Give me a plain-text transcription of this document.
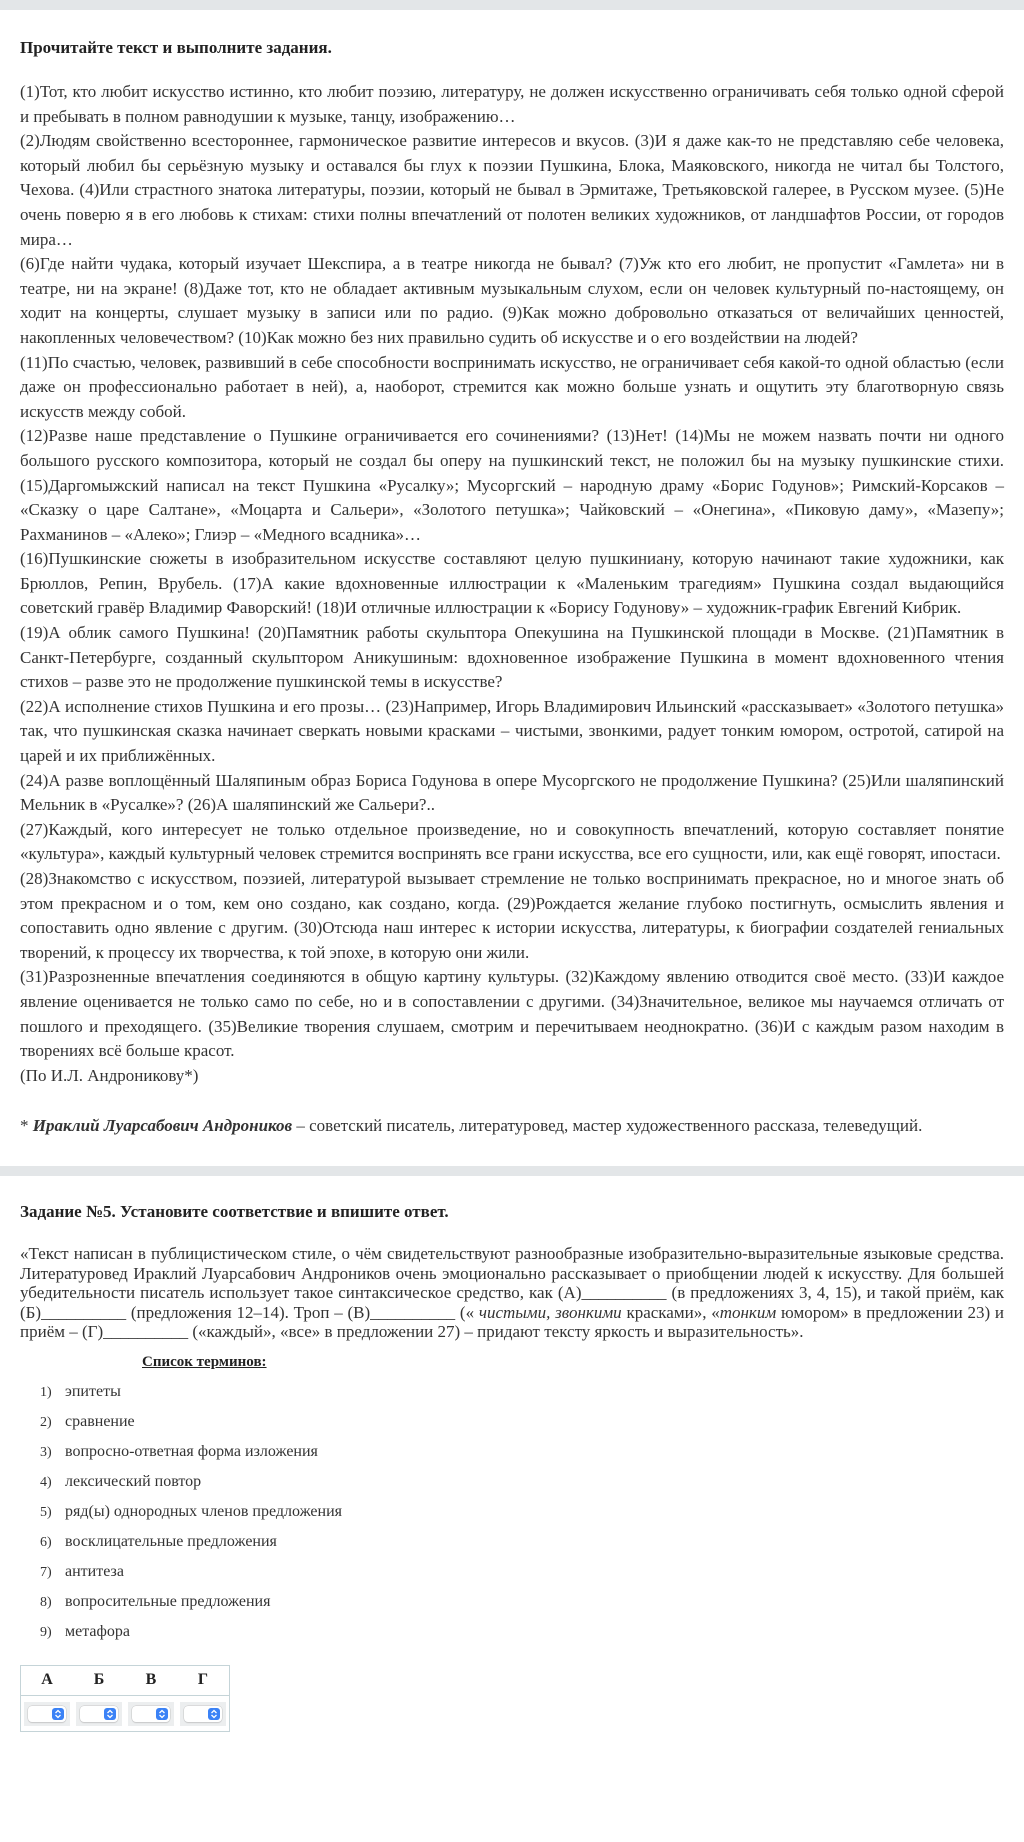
Прочитайте текст и выполните задания.

(1)Тот, кто любит искусство истинно, кто любит поэзию, литературу, не должен искусственно ограничивать себя только одной сферой и пребывать в полном равнодушии к музыке, танцу, изображению…

(2)Людям свойственно всестороннее, гармоническое развитие интересов и вкусов. (3)И я даже как-то не представляю себе человека, который любил бы серьёзную музыку и оставался бы глух к поэзии Пушкина, Блока, Маяковского, никогда не читал бы Толстого, Чехова. (4)Или страстного знатока литературы, поэзии, который не бывал в Эрмитаже, Третьяковской галерее, в Русском музее. (5)Не очень поверю я в его любовь к стихам: стихи полны впечатлений от полотен великих художников, от ландшафтов России, от городов мира…

(6)Где найти чудака, который изучает Шекспира, а в театре никогда не бывал? (7)Уж кто его любит, не пропустит «Гамлета» ни в театре, ни на экране! (8)Даже тот, кто не обладает активным музыкальным слухом, если он человек культурный по-настоящему, он ходит на концерты, слушает музыку в записи или по радио. (9)Как можно добровольно отказаться от величайших ценностей, накопленных человечеством? (10)Как можно без них правильно судить об искусстве и о его воздействии на людей?

(11)По счастью, человек, развивший в себе способности воспринимать искусство, не ограничивает себя какой-то одной областью (если даже он профессионально работает в ней), а, наоборот, стремится как можно больше узнать и ощутить эту благотворную связь искусств между собой.

(12)Разве наше представление о Пушкине ограничивается его сочинениями? (13)Нет! (14)Мы не можем назвать почти ни одного большого русского композитора, который не создал бы оперу на пушкинский текст, не положил бы на музыку пушкинские стихи. (15)Даргомыжский написал на текст Пушкина «Русалку»; Мусоргский – народную драму «Борис Годунов»; Римский-Корсаков – «Сказку о царе Салтане», «Моцарта и Сальери», «Золотого петушка»; Чайковский – «Онегина», «Пиковую даму», «Мазепу»; Рахманинов – «Алеко»; Глиэр – «Медного всадника»…

(16)Пушкинские сюжеты в изобразительном искусстве составляют целую пушкиниану, которую начинают такие художники, как Брюллов, Репин, Врубель. (17)А какие вдохновенные иллюстрации к «Маленьким трагедиям» Пушкина создал выдающийся советский гравёр Владимир Фаворский! (18)И отличные иллюстрации к «Борису Годунову» – художник-график Евгений Кибрик.

(19)А облик самого Пушкина! (20)Памятник работы скульптора Опекушина на Пушкинской площади в Москве. (21)Памятник в Санкт-Петербурге, созданный скульптором Аникушиным: вдохновенное изображение Пушкина в момент вдохновенного чтения стихов – разве это не продолжение пушкинской темы в искусстве?

(22)А исполнение стихов Пушкина и его прозы… (23)Например, Игорь Владимирович Ильинский «рассказывает» «Золотого петушка» так, что пушкинская сказка начинает сверкать новыми красками – чистыми, звонкими, радует тонким юмором, остротой, сатирой на царей и их приближённых.

(24)А разве воплощённый Шаляпиным образ Бориса Годунова в опере Мусоргского не продолжение Пушкина? (25)Или шаляпинский Мельник в «Русалке»? (26)А шаляпинский же Сальери?..

(27)Каждый, кого интересует не только отдельное произведение, но и совокупность впечатлений, которую составляет понятие «культура», каждый культурный человек стремится воспринять все грани искусства, все его сущности, или, как ещё говорят, ипостаси.

(28)Знакомство с искусством, поэзией, литературой вызывает стремление не только воспринимать прекрасное, но и многое знать об этом прекрасном и о том, кем оно создано, как создано, когда. (29)Рождается желание глубоко постигнуть, осмыслить явления и сопоставить одно явление с другим. (30)Отсюда наш интерес к истории искусства, литературы, к биографии создателей гениальных творений, к процессу их творчества, к той эпохе, в которую они жили.

(31)Разрозненные впечатления соединяются в общую картину культуры. (32)Каждому явлению отводится своё место. (33)И каждое явление оценивается не только само по себе, но и в сопоставлении с другими. (34)Значительное, великое мы научаемся отличать от пошлого и преходящего. (35)Великие творения слушаем, смотрим и перечитываем неоднократно. (36)И с каждым разом находим в творениях всё больше красот.

(По И.Л. Андроникову*)

* Ираклий Луарсабович Андроников – советский писатель, литературовед, мастер художественного рассказа, телеведущий.
Задание №5. Установите соответствие и впишите ответ.
«Текст написан в публицистическом стиле, о чём свидетельствуют разнообразные изобразительно-выразительные языковые средства. Литературовед Ираклий Луарсабович Андроников очень эмоционально рассказывает о приобщении людей к искусству. Для большей убедительности писатель использует такое синтаксическое средство, как (А)__________ (в предложениях 3, 4, 15), и такой приём, как (Б)__________ (предложения 12–14). Троп – (В)__________ (« чистыми, звонкими красками», «тонким юмором» в предложении 23) и приём – (Г)__________ («каждый», «все» в предложении 27) – придают тексту яркость и выразительность».
Список терминов:
1) эпитеты
2) сравнение
3) вопросно-ответная форма изложения
4) лексический повтор
5) ряд(ы) однородных членов предложения
6) восклицательные предложения
7) антитеза
8) вопросительные предложения
9) метафора
А	Б	В	Г
